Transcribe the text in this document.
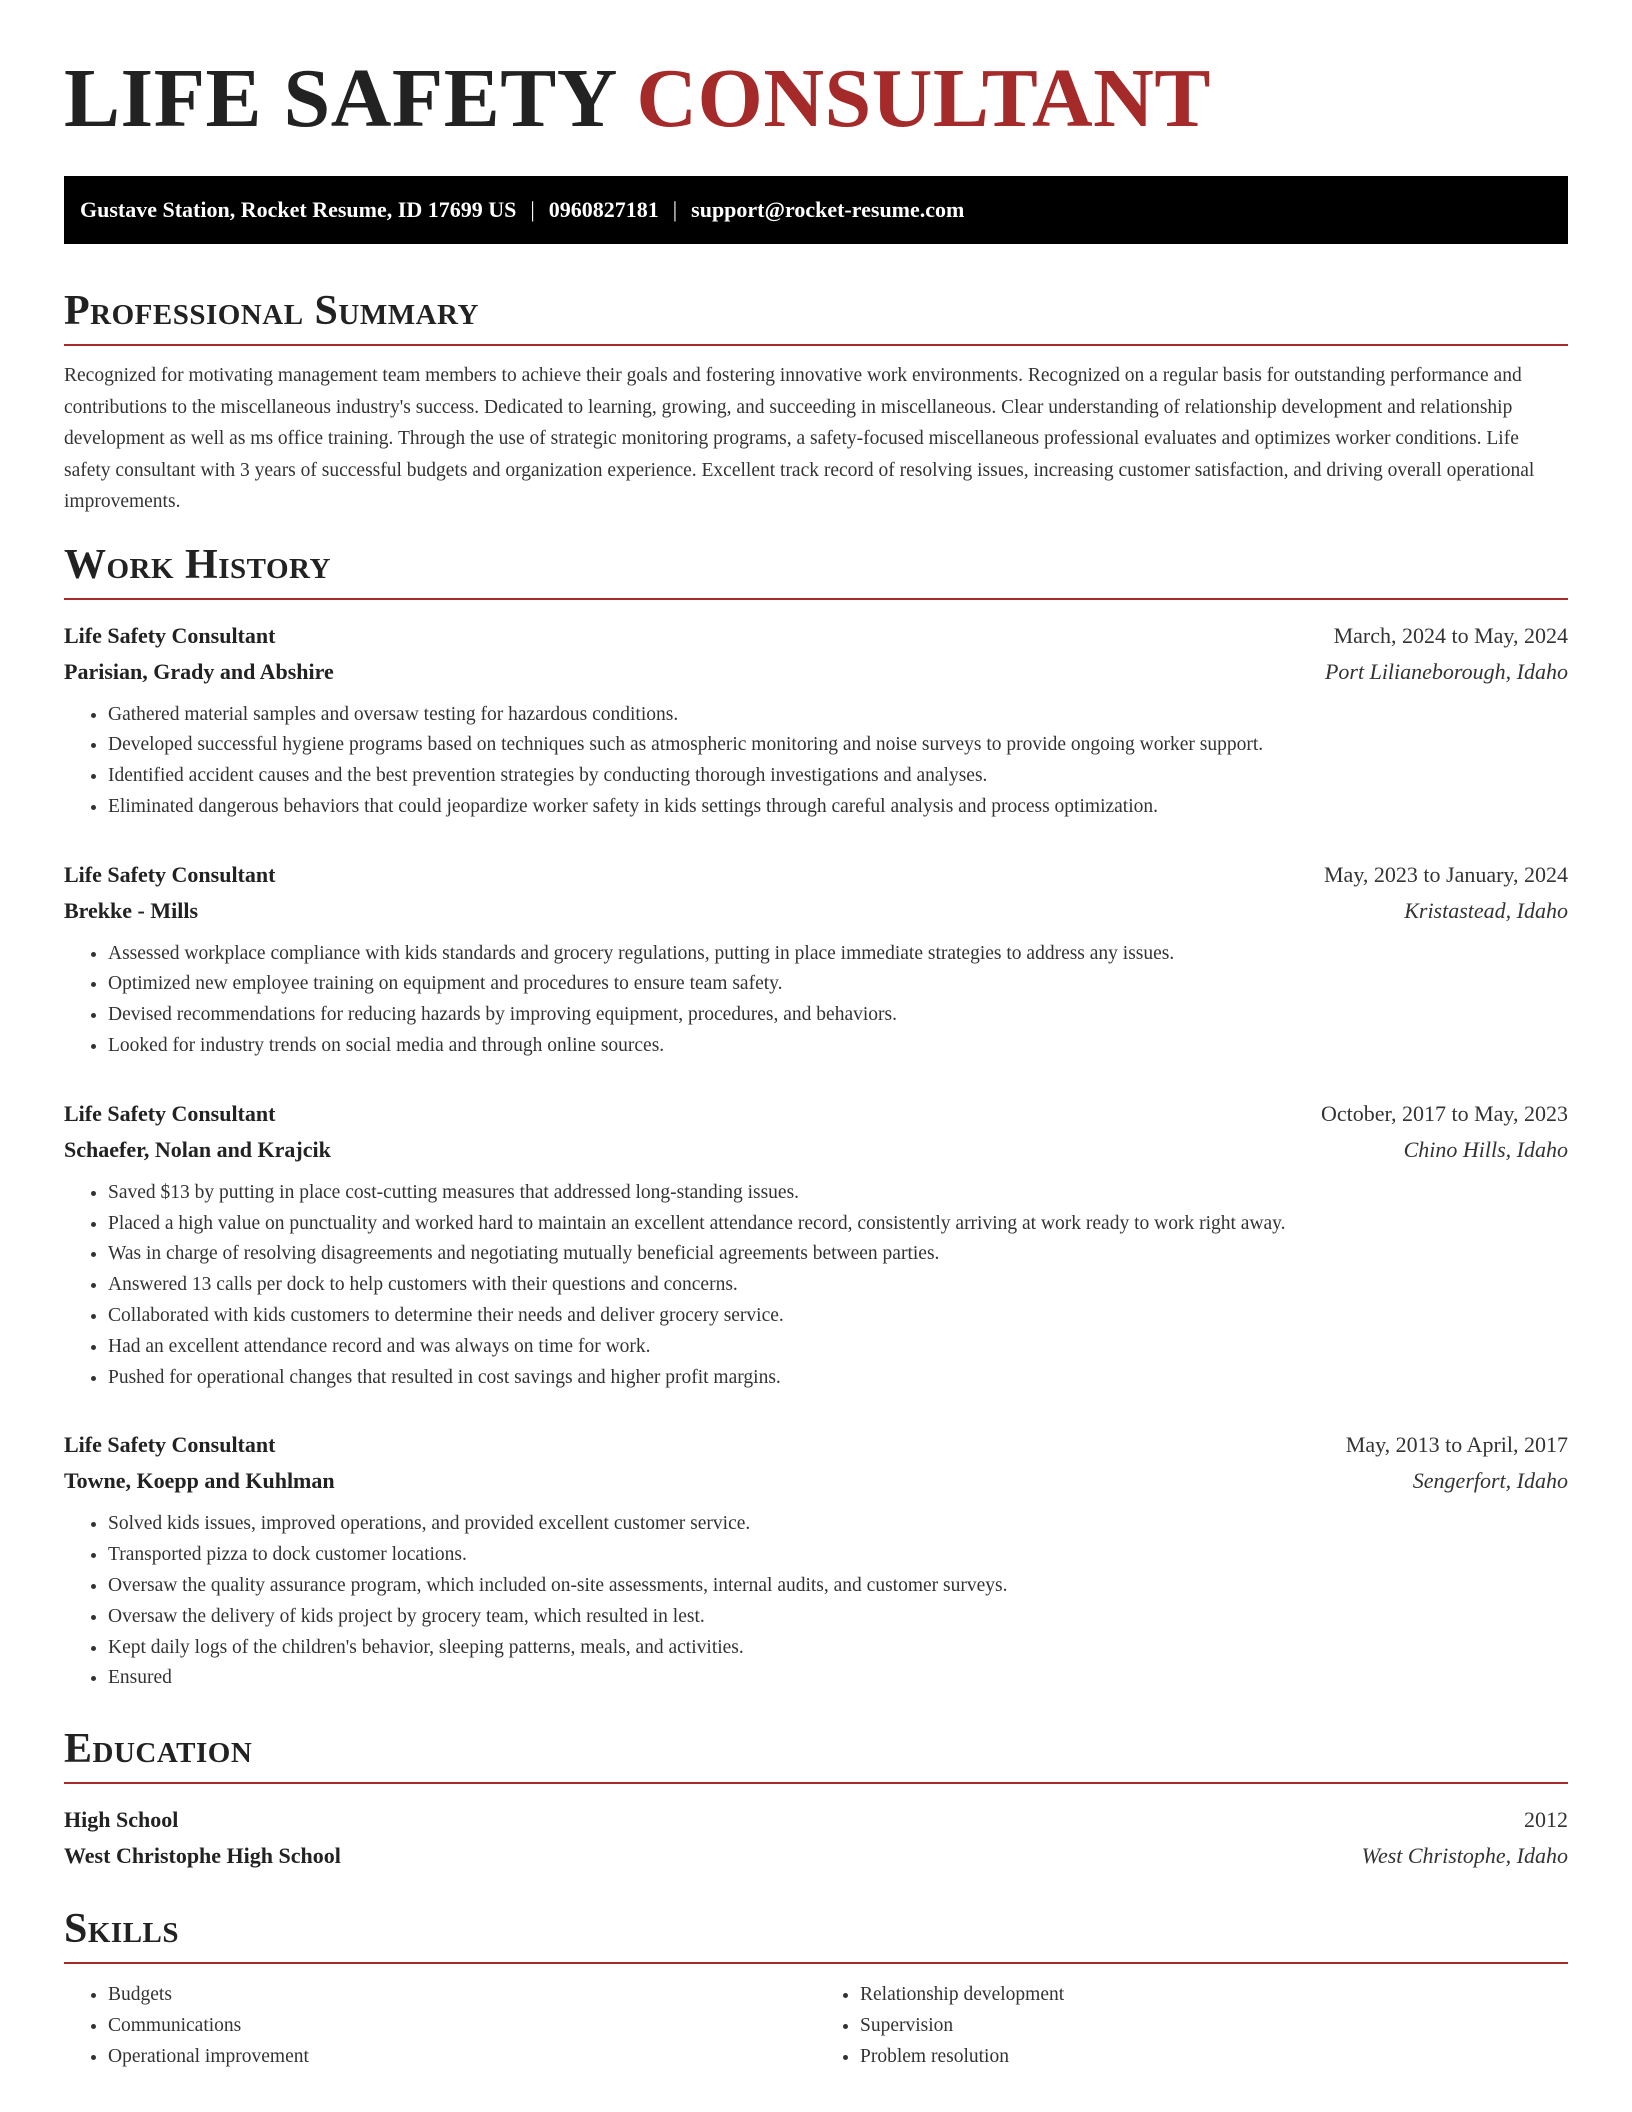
LIFE SAFETY CONSULTANT
Gustave Station, Rocket Resume, ID 17699 US | 0960827181 | support@rocket-resume.com
Professional Summary

Recognized for motivating management team members to achieve their goals and fostering innovative work environments. Recognized on a regular basis for outstanding performance and contributions to the miscellaneous industry's success. Dedicated to learning, growing, and succeeding in miscellaneous. Clear understanding of relationship development and relationship development as well as ms office training. Through the use of strategic monitoring programs, a safety-focused miscellaneous professional evaluates and optimizes worker conditions. Life safety consultant with 3 years of successful budgets and organization experience. Excellent track record of resolving issues, increasing customer satisfaction, and driving overall operational improvements.

Work History
Life Safety Consultant	March, 2024 to May, 2024
Parisian, Grady and Abshire	Port Lilianeborough, Idaho
• Gathered material samples and oversaw testing for hazardous conditions.
• Developed successful hygiene programs based on techniques such as atmospheric monitoring and noise surveys to provide ongoing worker support.
• Identified accident causes and the best prevention strategies by conducting thorough investigations and analyses.
• Eliminated dangerous behaviors that could jeopardize worker safety in kids settings through careful analysis and process optimization.
Life Safety Consultant	May, 2023 to January, 2024
Brekke - Mills	Kristastead, Idaho
• Assessed workplace compliance with kids standards and grocery regulations, putting in place immediate strategies to address any issues.
• Optimized new employee training on equipment and procedures to ensure team safety.
• Devised recommendations for reducing hazards by improving equipment, procedures, and behaviors.
• Looked for industry trends on social media and through online sources.
Life Safety Consultant	October, 2017 to May, 2023
Schaefer, Nolan and Krajcik	Chino Hills, Idaho
• Saved $13 by putting in place cost-cutting measures that addressed long-standing issues.
• Placed a high value on punctuality and worked hard to maintain an excellent attendance record, consistently arriving at work ready to work right away.
• Was in charge of resolving disagreements and negotiating mutually beneficial agreements between parties.
• Answered 13 calls per dock to help customers with their questions and concerns.
• Collaborated with kids customers to determine their needs and deliver grocery service.
• Had an excellent attendance record and was always on time for work.
• Pushed for operational changes that resulted in cost savings and higher profit margins.
Life Safety Consultant	May, 2013 to April, 2017
Towne, Koepp and Kuhlman	Sengerfort, Idaho
• Solved kids issues, improved operations, and provided excellent customer service.
• Transported pizza to dock customer locations.
• Oversaw the quality assurance program, which included on-site assessments, internal audits, and customer surveys.
• Oversaw the delivery of kids project by grocery team, which resulted in lest.
• Kept daily logs of the children's behavior, sleeping patterns, meals, and activities.
• Ensured
Education
High School	2012
West Christophe High School	West Christophe, Idaho
Skills
• Budgets
• Communications
• Operational improvement
• Relationship development
• Supervision
• Problem resolution
